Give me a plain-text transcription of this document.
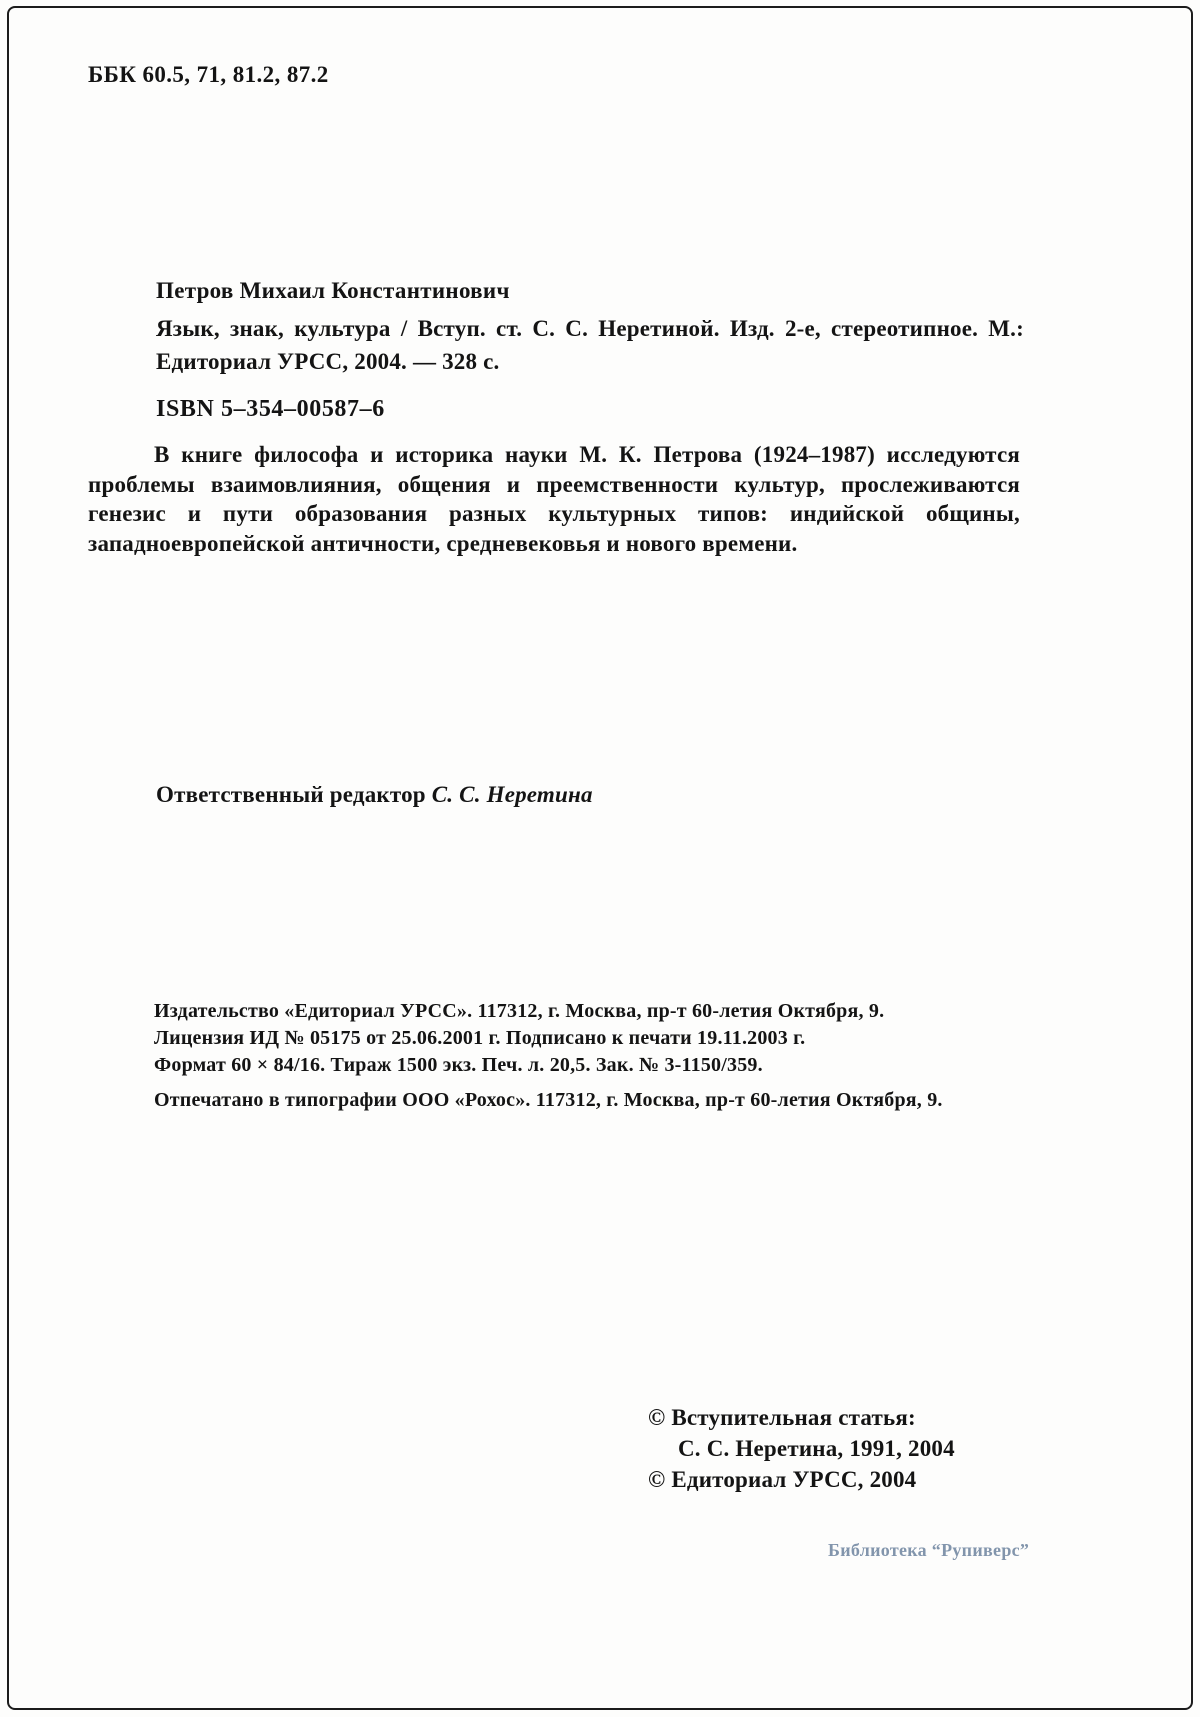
ББК 60.5, 71, 81.2, 87.2
Петров Михаил Константинович
Язык, знак, культура / Вступ. ст. С. С. Неретиной. Изд. 2-е, стереотипное. М.: Едиториал УРСС, 2004. — 328 с.
ISBN 5–354–00587–6

В книге философа и историка науки М. К. Петрова (1924–1987) исследуются проблемы взаимовлияния, общения и преемственности культур, прослеживаются генезис и пути образования разных культурных типов: индийской общины, западноевропейской античности, средневековья и нового времени.

Ответственный редактор С. С. Неретина
Издательство «Едиториал УРСС». 117312, г. Москва, пр-т 60-летия Октября, 9.
Лицензия ИД № 05175 от 25.06.2001 г. Подписано к печати 19.11.2003 г.
Формат 60 × 84/16. Тираж 1500 экз. Печ. л. 20,5. Зак. № 3-1150/359.
Отпечатано в типографии ООО «Рохос». 117312, г. Москва, пр-т 60-летия Октября, 9.
© Вступительная статья:
С. С. Неретина, 1991, 2004
© Едиториал УРСС, 2004
Библиотека “Рупиверс”
